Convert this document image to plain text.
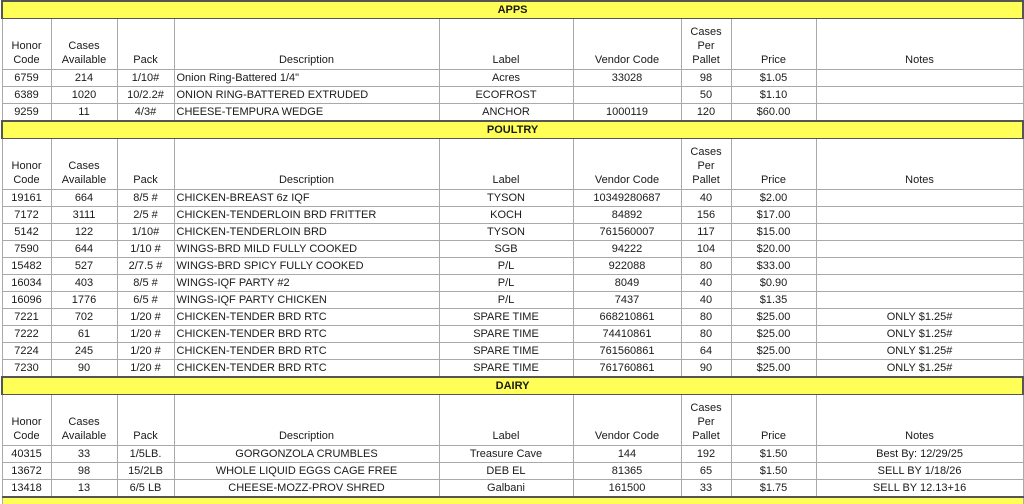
APPS								
Honor Code	Cases Available	Pack	Description	Label	Vendor Code	Cases Per Pallet	Price	Notes
6759	214	1/10#	Onion Ring-Battered 1/4"	Acres	33028	98	$1.05	
6389	1020	10/2.2#	ONION RING-BATTERED EXTRUDED	ECOFROST		50	$1.10	
9259	11	4/3#	CHEESE-TEMPURA WEDGE	ANCHOR	1000119	120	$60.00	
POULTRY								
Honor Code	Cases Available	Pack	Description	Label	Vendor Code	Cases Per Pallet	Price	Notes
19161	664	8/5 #	CHICKEN-BREAST 6z IQF	TYSON	10349280687	40	$2.00	
7172	3111	2/5 #	CHICKEN-TENDERLOIN BRD FRITTER	KOCH	84892	156	$17.00	
5142	122	1/10#	CHICKEN-TENDERLOIN BRD	TYSON	761560007	117	$15.00	
7590	644	1/10 #	WINGS-BRD MILD FULLY COOKED	SGB	94222	104	$20.00	
15482	527	2/7.5 #	WINGS-BRD SPICY FULLY COOKED	P/L	922088	80	$33.00	
16034	403	8/5 #	WINGS-IQF PARTY #2	P/L	8049	40	$0.90	
16096	1776	6/5 #	WINGS-IQF PARTY CHICKEN	P/L	7437	40	$1.35	
7221	702	1/20 #	CHICKEN-TENDER BRD RTC	SPARE TIME	668210861	80	$25.00	ONLY $1.25#
7222	61	1/20 #	CHICKEN-TENDER BRD RTC	SPARE TIME	74410861	80	$25.00	ONLY $1.25#
7224	245	1/20 #	CHICKEN-TENDER BRD RTC	SPARE TIME	761560861	64	$25.00	ONLY $1.25#
7230	90	1/20 #	CHICKEN-TENDER BRD RTC	SPARE TIME	761760861	90	$25.00	ONLY $1.25#
DAIRY								
Honor Code	Cases Available	Pack	Description	Label	Vendor Code	Cases Per Pallet	Price	Notes
40315	33	1/5LB.	GORGONZOLA CRUMBLES	Treasure Cave	144	192	$1.50	Best By: 12/29/25
13672	98	15/2LB	WHOLE LIQUID EGGS CAGE FREE	DEB EL	81365	65	$1.50	SELL BY 1/18/26
13418	13	6/5 LB	CHEESE-MOZZ-PROV SHRED	Galbani	161500	33	$1.75	SELL BY 12.13+16
